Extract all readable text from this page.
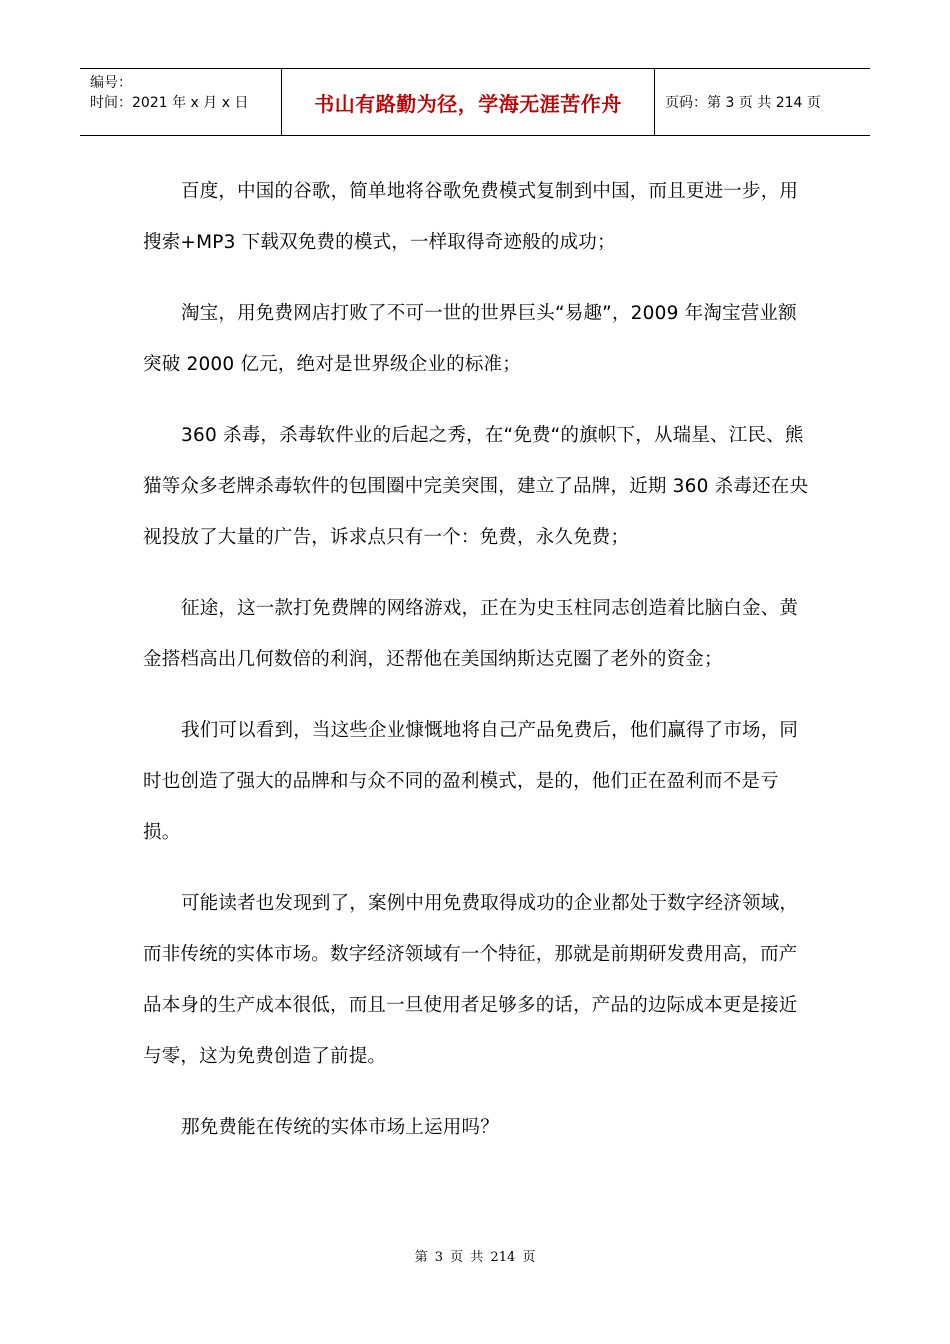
编号：
时间：2021 年 x 月 x 日	书山有路勤为径，学海无涯苦作舟	页码：第 3 页 共 214 页

百度，中国的谷歌，简单地将谷歌免费模式复制到中国，而且更进一步，用搜索+MP3 下载双免费的模式，一样取得奇迹般的成功；

淘宝，用免费网店打败了不可一世的世界巨头“易趣”，2009 年淘宝营业额突破 2000 亿元，绝对是世界级企业的标准；

360 杀毒，杀毒软件业的后起之秀，在“免费“的旗帜下，从瑞星、江民、熊猫等众多老牌杀毒软件的包围圈中完美突围，建立了品牌，近期 360 杀毒还在央视投放了大量的广告，诉求点只有一个：免费，永久免费；

征途，这一款打免费牌的网络游戏，正在为史玉柱同志创造着比脑白金、黄金搭档高出几何数倍的利润，还帮他在美国纳斯达克圈了老外的资金；

我们可以看到，当这些企业慷慨地将自己产品免费后，他们赢得了市场，同时也创造了强大的品牌和与众不同的盈利模式，是的，他们正在盈利而不是亏损。

可能读者也发现到了，案例中用免费取得成功的企业都处于数字经济领域，而非传统的实体市场。数字经济领域有一个特征，那就是前期研发费用高，而产品本身的生产成本很低，而且一旦使用者足够多的话，产品的边际成本更是接近与零，这为免费创造了前提。

那免费能在传统的实体市场上运用吗？

第 3 页 共 214 页
